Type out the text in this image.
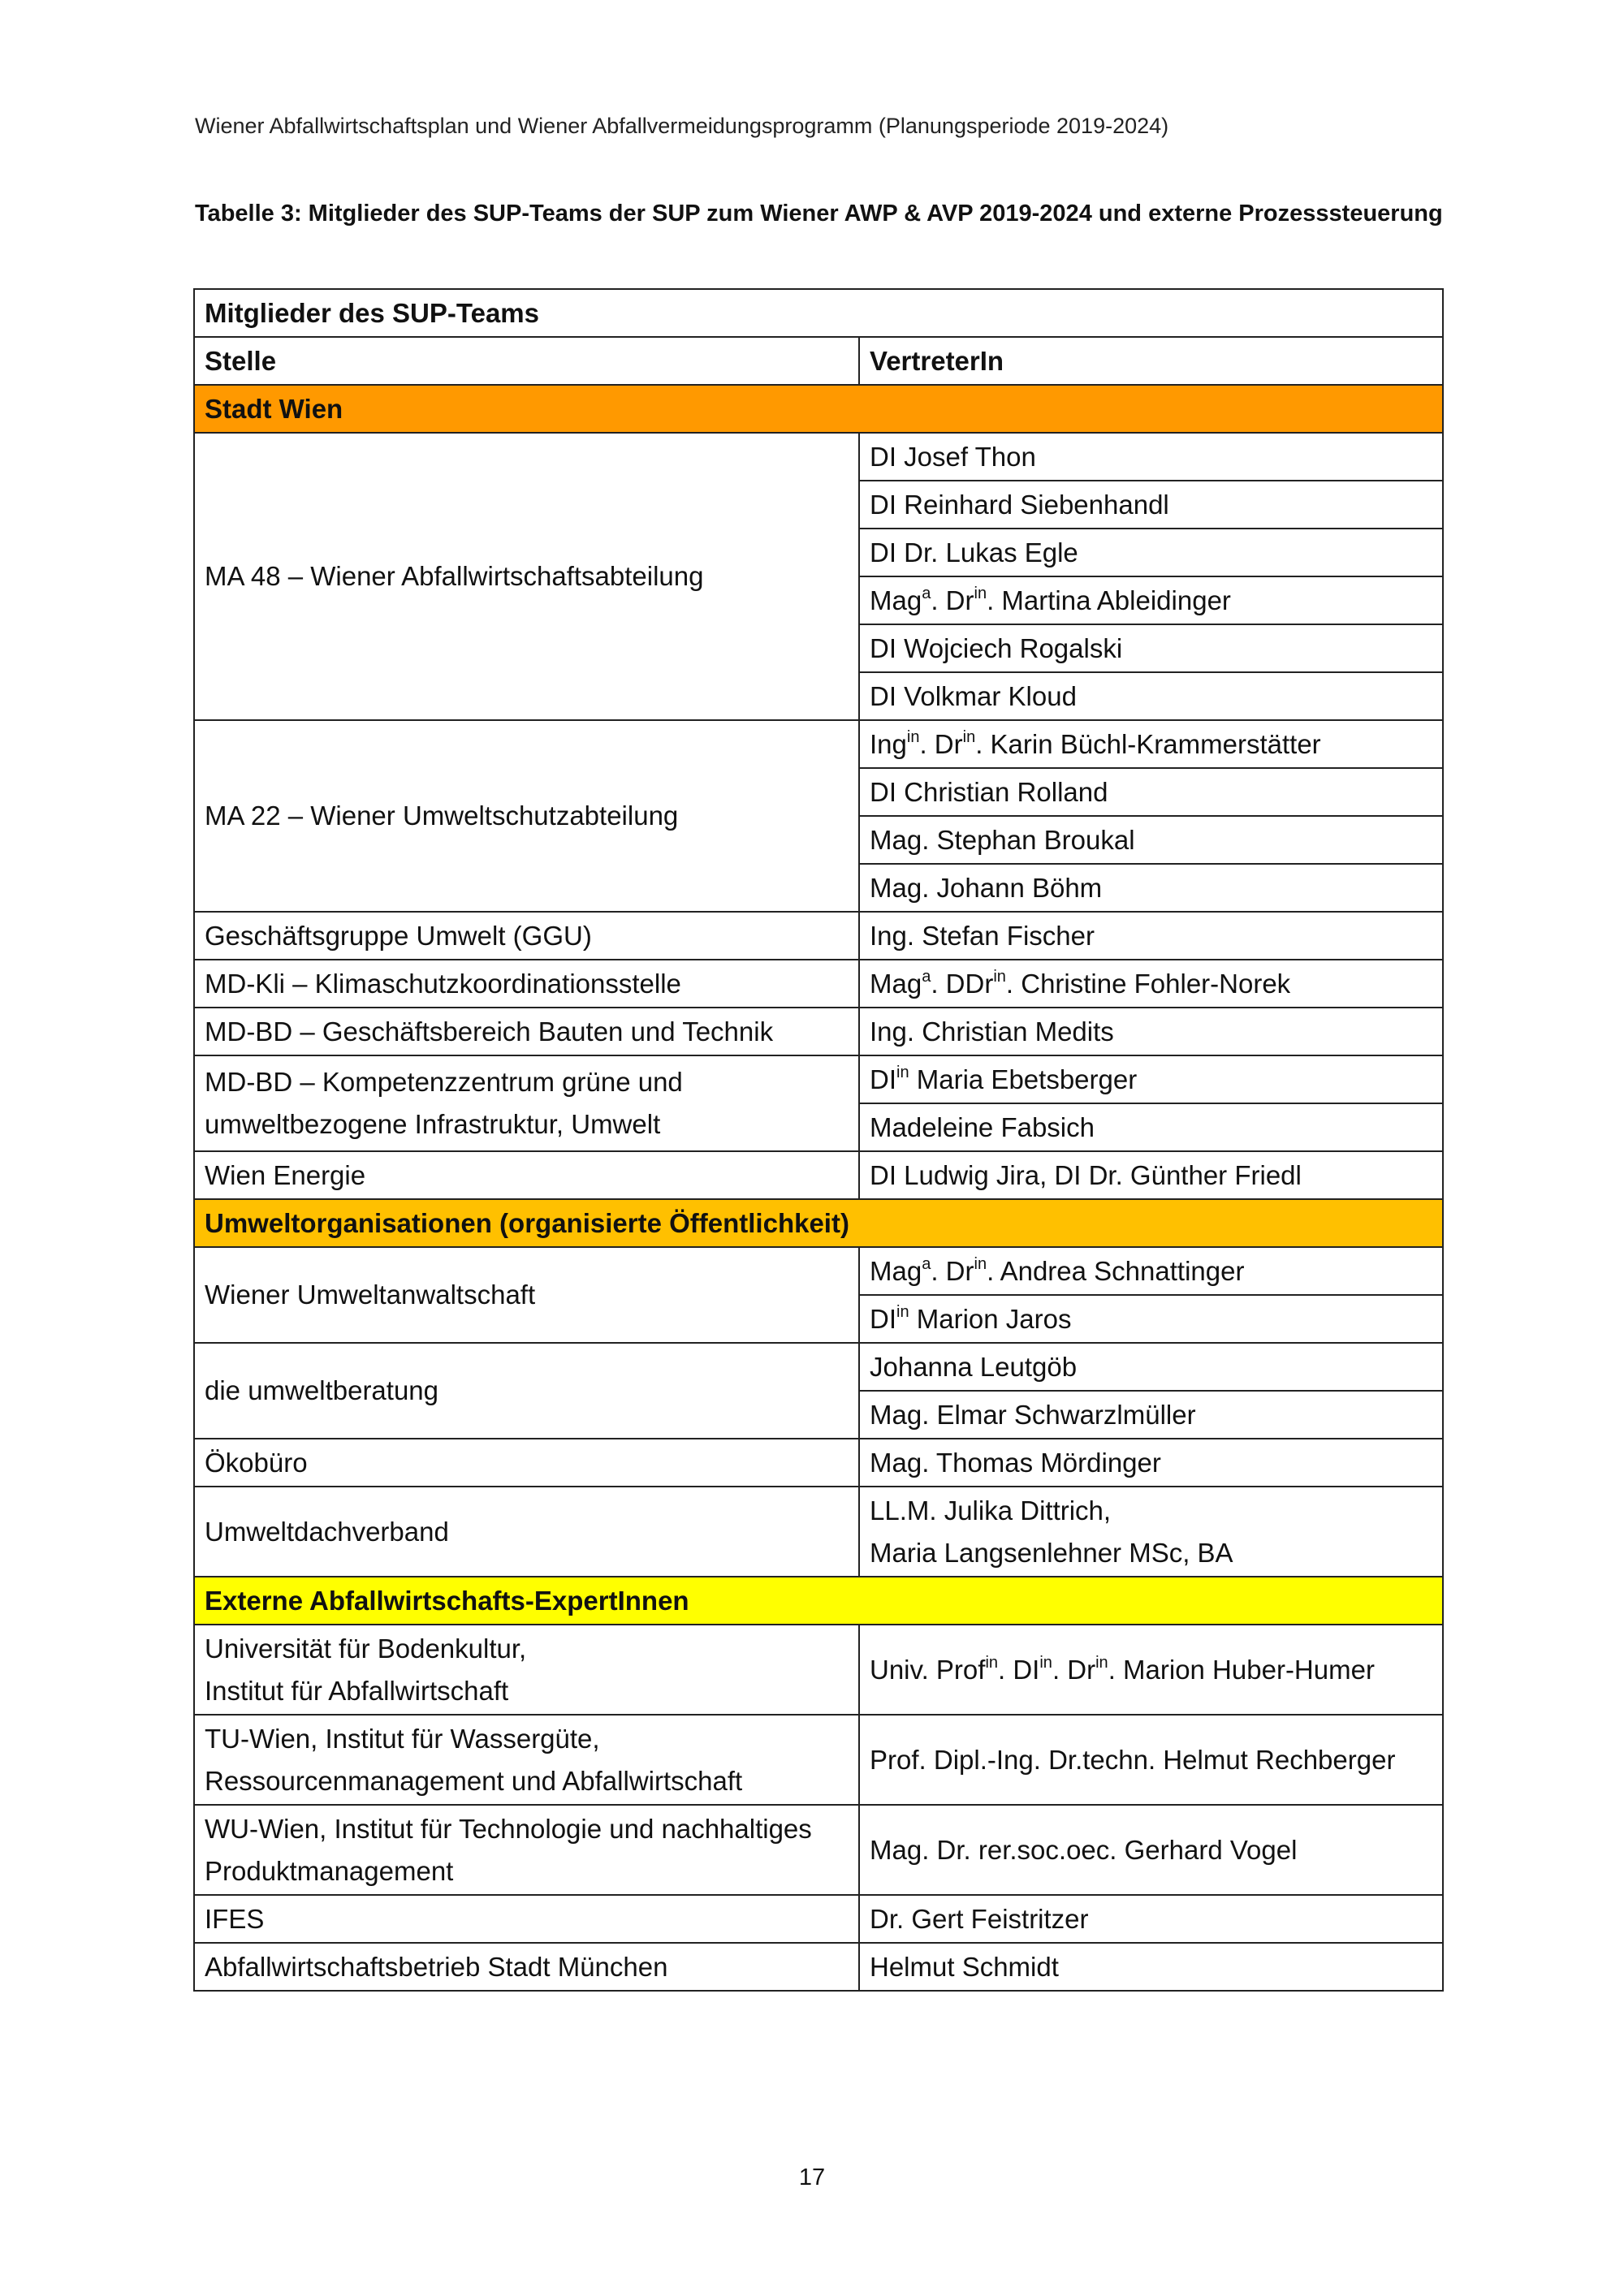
Wiener Abfallwirtschaftsplan und Wiener Abfallvermeidungsprogramm (Planungsperiode 2019-2024)
Tabelle 3: Mitglieder des SUP-Teams der SUP zum Wiener AWP & AVP 2019-2024 und externe Prozesssteuerung
Mitglieder des SUP-Teams	
Stelle	VertreterIn
Stadt Wien	
MA 48 – Wiener Abfallwirtschaftsabteilung	DI Josef Thon
	DI Reinhard Siebenhandl
	DI Dr. Lukas Egle
	Mag$^a$. $Dr^{in}$. Martina Ableidinger
	DI Wojciech Rogalski
	DI Volkmar Kloud
MA 22 – Wiener Umweltschutzabteilung	Ing$^{in}$. $Dr^{in}$. Karin Büchl-Krammerstätter
	DI Christian Rolland
	Mag. Stephan Broukal
	Mag. Johann Böhm
Geschäftsgruppe Umwelt (GGU)	Ing. Stefan Fischer
MD-Kli – Klimaschutzkoordinationsstelle	Mag$^a$. DDr$^{in}$. Christine Fohler-Norek
MD-BD – Geschäftsbereich Bauten und Technik	Ing. Christian Medits
MD-BD – Kompetenzzentrum grüne und
umweltbezogene Infrastruktur, Umwelt	$DI^{in}$ Maria Ebetsberger
	Madeleine Fabsich
Wien Energie	DI Ludwig Jira, DI Dr. Günther Friedl
Umweltorganisationen (organisierte Öffentlichkeit)	
Wiener Umweltanwaltschaft	Mag$^a$. $Dr^{in}$. Andrea Schnattinger
	$DI^{in}$ Marion Jaros
die umweltberatung	Johanna Leutgöb
	Mag. Elmar Schwarzlmüller
Ökobüro	Mag. Thomas Mördinger
Umweltdachverband	LL.M. Julika Dittrich,
Maria Langsenlehner MSc, BA
Externe Abfallwirtschafts-ExpertInnen	
Universität für Bodenkultur,
Institut für Abfallwirtschaft	Univ. Prof$^{in}$. $DI^{in}$. $Dr^{in}$. Marion Huber-Humer
TU-Wien, Institut für Wassergüte,
Ressourcenmanagement und Abfallwirtschaft	Prof. Dipl.-Ing. Dr.techn. Helmut Rechberger
WU-Wien, Institut für Technologie und nachhaltiges
Produktmanagement	Mag. Dr. rer.soc.oec. Gerhard Vogel
IFES	Dr. Gert Feistritzer
Abfallwirtschaftsbetrieb Stadt München	Helmut Schmidt
17
